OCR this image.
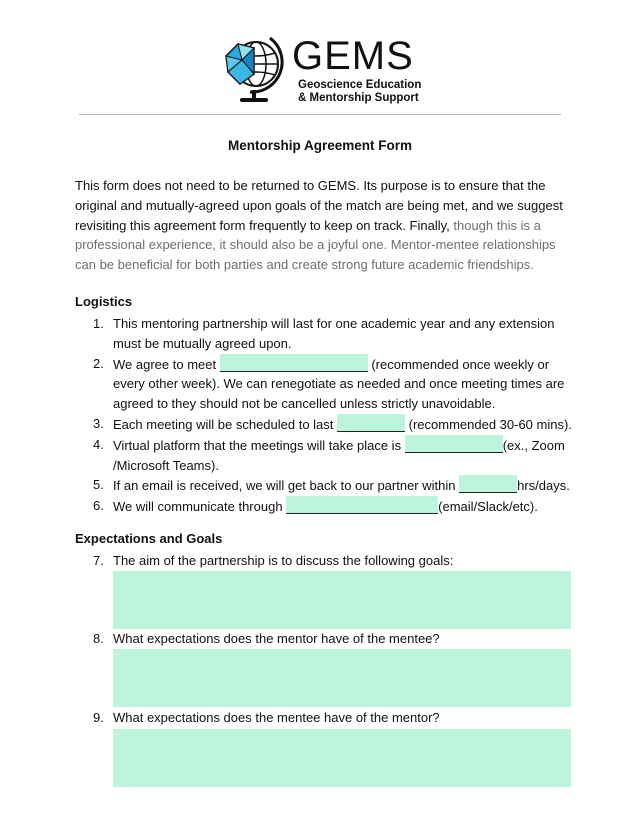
GEMS
Geoscience Education
& Mentorship Support
Mentorship Agreement Form
This form does not need to be returned to GEMS. Its purpose is to ensure that the original and mutually-agreed upon goals of the match are being met, and we suggest revisiting this agreement form frequently to keep on track. Finally, though this is a professional experience, it should also be a joyful one. Mentor-mentee relationships can be beneficial for both parties and create strong future academic friendships.
Logistics
1. This mentoring partnership will last for one academic year and any extension must be mutually agreed upon.
2. We agree to meet	(recommended once weekly or every other week). We can renegotiate as needed and once meeting times are agreed to they should not be cancelled unless strictly unavoidable.
3. Each meeting will be scheduled to last	(recommended 30-60 mins).
4. Virtual platform that the meetings will take place is	(ex., Zoom /Microsoft Teams).
5. If an email is received, we will get back to our partner within	hrs/days.
6. We will communicate through	(email/Slack/etc).
Expectations and Goals
7. The aim of the partnership is to discuss the following goals:
8. What expectations does the mentor have of the mentee?
9. What expectations does the mentee have of the mentor?
